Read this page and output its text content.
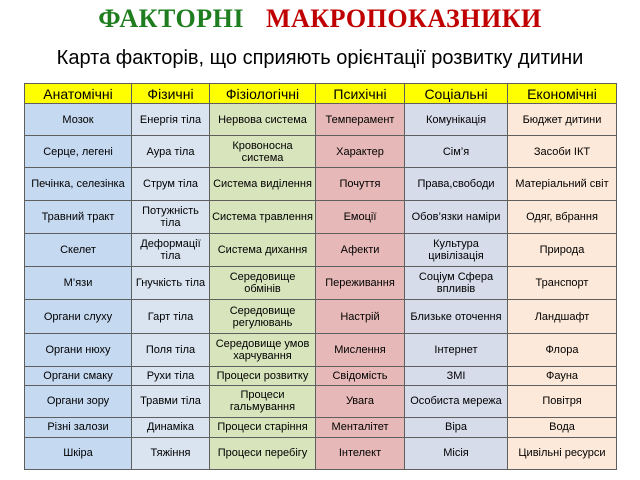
ФАКТОРНІ МАКРОПОКАЗНИКИ
Карта факторів, що сприяють орієнтації розвитку дитини
Анатомічні	Фізичні	Фізіологічні	Психічні	Соціальні	Економічні
Мозок	Енергія тіла	Нервова система	Темперамент	Комунікація	Бюджет дитини
Серце, легені	Аура тіла	Кровоносна система	Характер	Сім’я	Засоби ІКТ
Печінка, селезінка	Струм тіла	Система виділення	Почуття	Права,свободи	Матеріальний світ
Травний тракт	Потужність тіла	Система травлення	Емоції	Обов’язки наміри	Одяг, вбрання
Скелет	Деформації тіла	Система дихання	Афекти	Культура цивілізація	Природа
М’язи	Гнучкість тіла	Середовище обмінів	Переживання	Соціум Сфера впливів	Транспорт
Органи слуху	Гарт тіла	Середовище регулювань	Настрій	Близьке оточення	Ландшафт
Органи нюху	Поля тіла	Середовище умов харчування	Мислення	Інтернет	Флора
Органи смаку	Рухи тіла	Процеси розвитку	Свідомість	ЗМІ	Фауна
Органи зору	Травми тіла	Процеси гальмування	Увага	Особиста мережа	Повітря
Різні залози	Динаміка	Процеси старіння	Менталітет	Віра	Вода
Шкіра	Тяжіння	Процеси перебігу	Інтелект	Місія	Цивільні ресурси
